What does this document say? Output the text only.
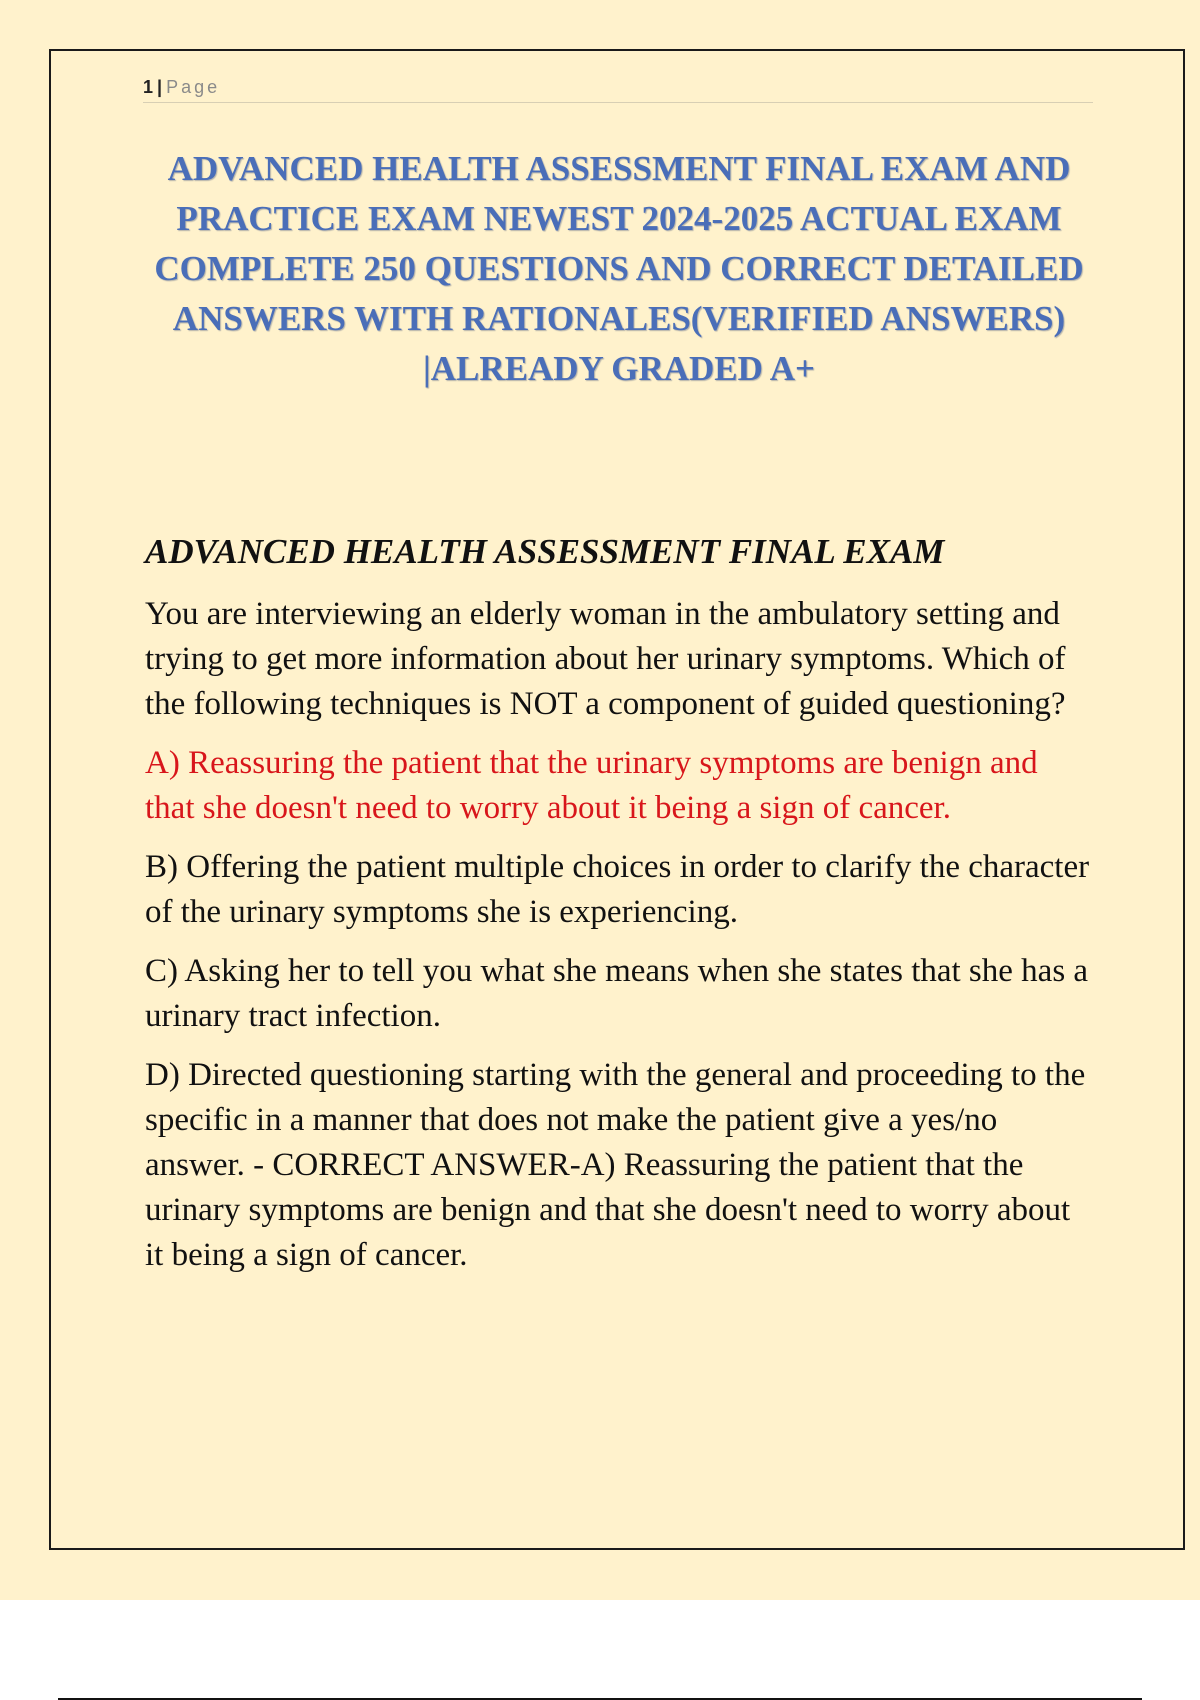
1 | Page
ADVANCED HEALTH ASSESSMENT FINAL EXAM AND PRACTICE EXAM NEWEST 2024-2025 ACTUAL EXAM COMPLETE 250 QUESTIONS AND CORRECT DETAILED ANSWERS WITH RATIONALES(VERIFIED ANSWERS) |ALREADY GRADED A+
ADVANCED HEALTH ASSESSMENT FINAL EXAM

You are interviewing an elderly woman in the ambulatory setting and trying to get more information about her urinary symptoms. Which of the following techniques is NOT a component of guided questioning?

A) Reassuring the patient that the urinary symptoms are benign and that she doesn't need to worry about it being a sign of cancer.

B) Offering the patient multiple choices in order to clarify the character of the urinary symptoms she is experiencing.

C) Asking her to tell you what she means when she states that she has a urinary tract infection.

D) Directed questioning starting with the general and proceeding to the specific in a manner that does not make the patient give a yes/no answer. - CORRECT ANSWER-A) Reassuring the patient that the urinary symptoms are benign and that she doesn't need to worry about it being a sign of cancer.
